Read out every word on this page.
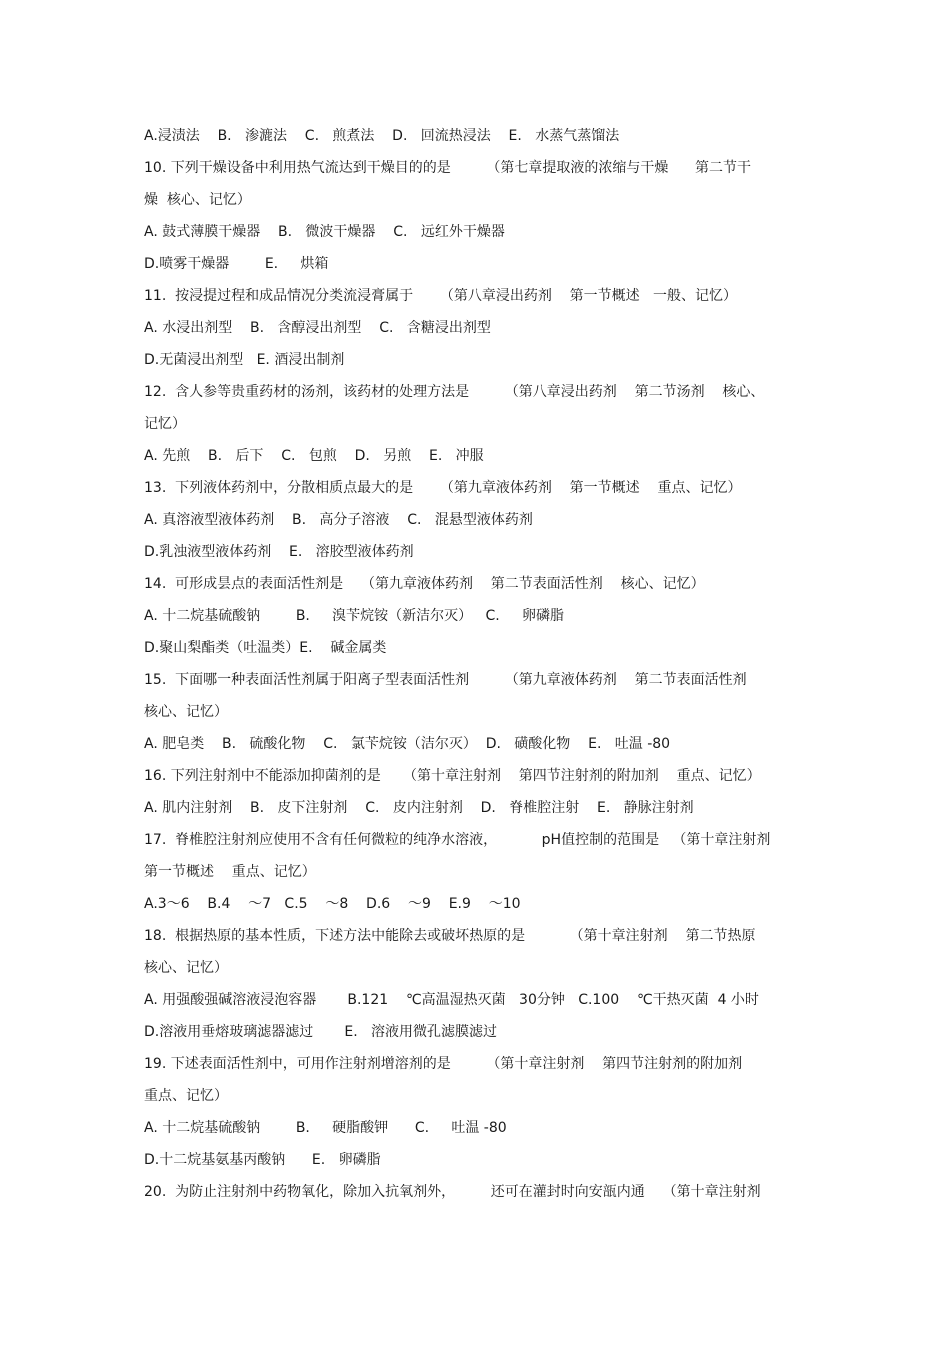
A.浸渍法    B.   渗漉法    C.   煎煮法    D.   回流热浸法    E.   水蒸气蒸馏法
10. 下列干燥设备中利用热气流达到干燥目的的是        （第七章提取液的浓缩与干燥      第二节干
燥  核心、记忆）
A. 鼓式薄膜干燥器    B.   微波干燥器    C.   远红外干燥器
D.喷雾干燥器        E.     烘箱
11.  按浸提过程和成品情况分类流浸膏属于      （第八章浸出药剂    第一节概述   一般、记忆）
A. 水浸出剂型    B.   含醇浸出剂型    C.   含糖浸出剂型
D.无菌浸出剂型   E. 酒浸出制剂
12.  含人参等贵重药材的汤剂，该药材的处理方法是        （第八章浸出药剂    第二节汤剂    核心、
记忆）
A. 先煎    B.   后下    C.   包煎    D.   另煎    E.   冲服
13.  下列液体药剂中，分散相质点最大的是      （第九章液体药剂    第一节概述    重点、记忆）
A. 真溶液型液体药剂    B.   高分子溶液    C.   混悬型液体药剂
D.乳浊液型液体药剂    E.   溶胶型液体药剂
14.  可形成昙点的表面活性剂是    （第九章液体药剂    第二节表面活性剂    核心、记忆）
A. 十二烷基硫酸钠        B.     溴苄烷铵（新洁尔灭）   C.     卵磷脂
D.聚山梨酯类（吐温类）E.    碱金属类
15.  下面哪一种表面活性剂属于阳离子型表面活性剂        （第九章液体药剂    第二节表面活性剂
核心、记忆）
A. 肥皂类    B.   硫酸化物    C.   氯苄烷铵（洁尔灭）  D.   磺酸化物    E.   吐温 -80
16. 下列注射剂中不能添加抑菌剂的是     （第十章注射剂    第四节注射剂的附加剂    重点、记忆）
A. 肌内注射剂    B.   皮下注射剂    C.   皮内注射剂    D.   脊椎腔注射    E.   静脉注射剂
17.  脊椎腔注射剂应使用不含有任何微粒的纯净水溶液，          pH值控制的范围是   （第十章注射剂
第一节概述    重点、记忆）
A.3～6    B.4    ～7   C.5    ～8    D.6    ～9    E.9    ～10
18.  根据热原的基本性质，下述方法中能除去或破坏热原的是          （第十章注射剂    第二节热原
核心、记忆）
A. 用强酸强碱溶液浸泡容器       B.121    ℃高温湿热灭菌   30分钟   C.100    ℃干热灭菌  4 小时
D.溶液用垂熔玻璃滤器滤过       E.   溶液用微孔滤膜滤过
19. 下述表面活性剂中，可用作注射剂增溶剂的是        （第十章注射剂    第四节注射剂的附加剂
重点、记忆）
A. 十二烷基硫酸钠        B.     硬脂酸钾      C.     吐温 -80
D.十二烷基氨基丙酸钠      E.   卵磷脂
20.  为防止注射剂中药物氧化，除加入抗氧剂外，        还可在灌封时向安瓿内通    （第十章注射剂
